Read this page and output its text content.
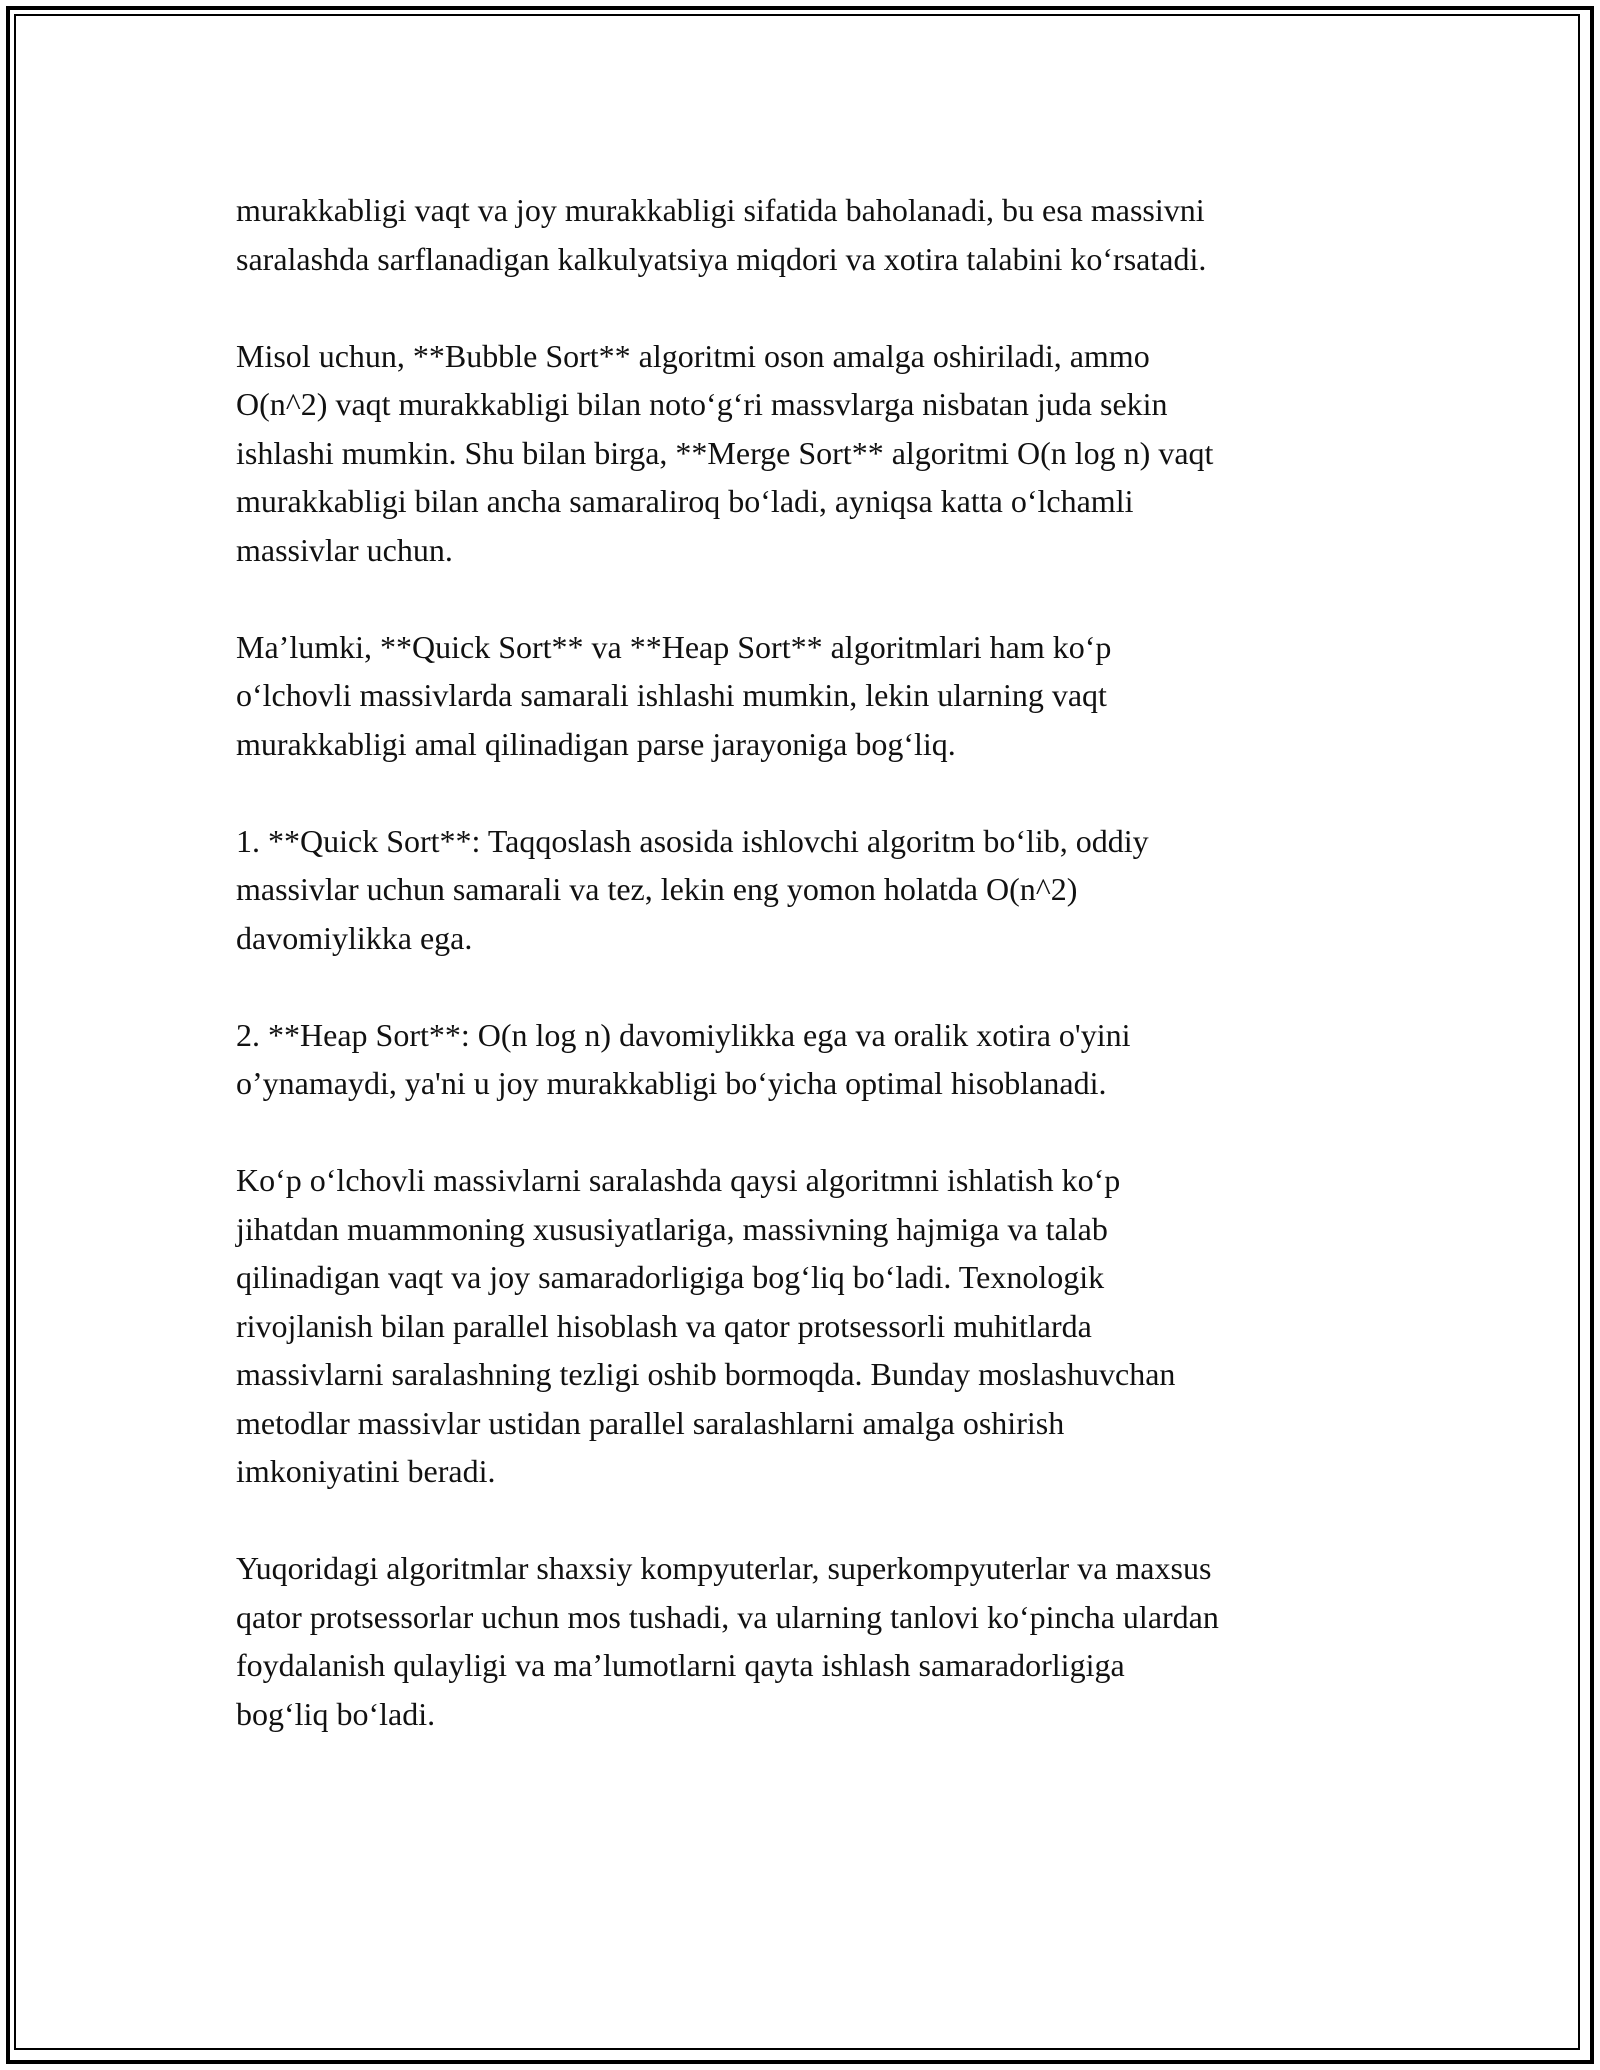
murakkabligi vaqt va joy murakkabligi sifatida baholanadi, bu esa massivni
saralashda sarflanadigan kalkulyatsiya miqdori va xotira talabini ko‘rsatadi.

Misol uchun, **Bubble Sort** algoritmi oson amalga oshiriladi, ammo
O(n^2) vaqt murakkabligi bilan noto‘g‘ri massvlarga nisbatan juda sekin
ishlashi mumkin. Shu bilan birga, **Merge Sort** algoritmi O(n log n) vaqt
murakkabligi bilan ancha samaraliroq bo‘ladi, ayniqsa katta o‘lchamli
massivlar uchun.

Ma’lumki, **Quick Sort** va **Heap Sort** algoritmlari ham ko‘p
o‘lchovli massivlarda samarali ishlashi mumkin, lekin ularning vaqt
murakkabligi amal qilinadigan parse jarayoniga bog‘liq.

1. **Quick Sort**: Taqqoslash asosida ishlovchi algoritm bo‘lib, oddiy
massivlar uchun samarali va tez, lekin eng yomon holatda O(n^2)
davomiylikka ega.

2. **Heap Sort**: O(n log n) davomiylikka ega va oralik xotira o'yini
o’ynamaydi, ya'ni u joy murakkabligi bo‘yicha optimal hisoblanadi.

Ko‘p o‘lchovli massivlarni saralashda qaysi algoritmni ishlatish ko‘p
jihatdan muammoning xususiyatlariga, massivning hajmiga va talab
qilinadigan vaqt va joy samaradorligiga bog‘liq bo‘ladi. Texnologik
rivojlanish bilan parallel hisoblash va qator protsessorli muhitlarda
massivlarni saralashning tezligi oshib bormoqda. Bunday moslashuvchan
metodlar massivlar ustidan parallel saralashlarni amalga oshirish
imkoniyatini beradi.

Yuqoridagi algoritmlar shaxsiy kompyuterlar, superkompyuterlar va maxsus
qator protsessorlar uchun mos tushadi, va ularning tanlovi ko‘pincha ulardan
foydalanish qulayligi va ma’lumotlarni qayta ishlash samaradorligiga
bog‘liq bo‘ladi.
